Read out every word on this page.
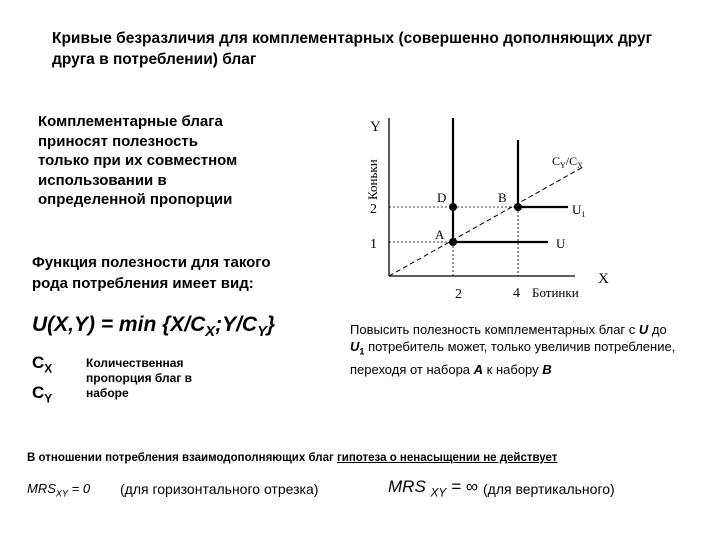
Кривые безразличия для комплементарных (совершенно дополняющих друг друга в потреблении) благ
Комплементарные блага
приносят полезность
только при их совместном
использовании в
определенной пропорции
Функция полезности для такого
рода потребления имеет вид:
$U(X,Y) = \min \{X/C_X;Y/C_Y\}$
$C_X$
$C_Y$
Количественная
пропорция благ в
наборе
Повысить полезность комплементарных благ с U до $U_1$ потребитель может, только увеличив потребление, переходя от набора A к набору B
В отношении потребления взаимодополняющих благ гипотеза о ненасыщении не действует
$MRS_{XY} = 0$ (для горизонтального отрезка)	MRS $_{XY}$ = ∞ (для вертикального)
Y
Коньки
X
Ботинки
$C_Y/C_X$
2
1
2	4
D	B
A
$U_1$
U
